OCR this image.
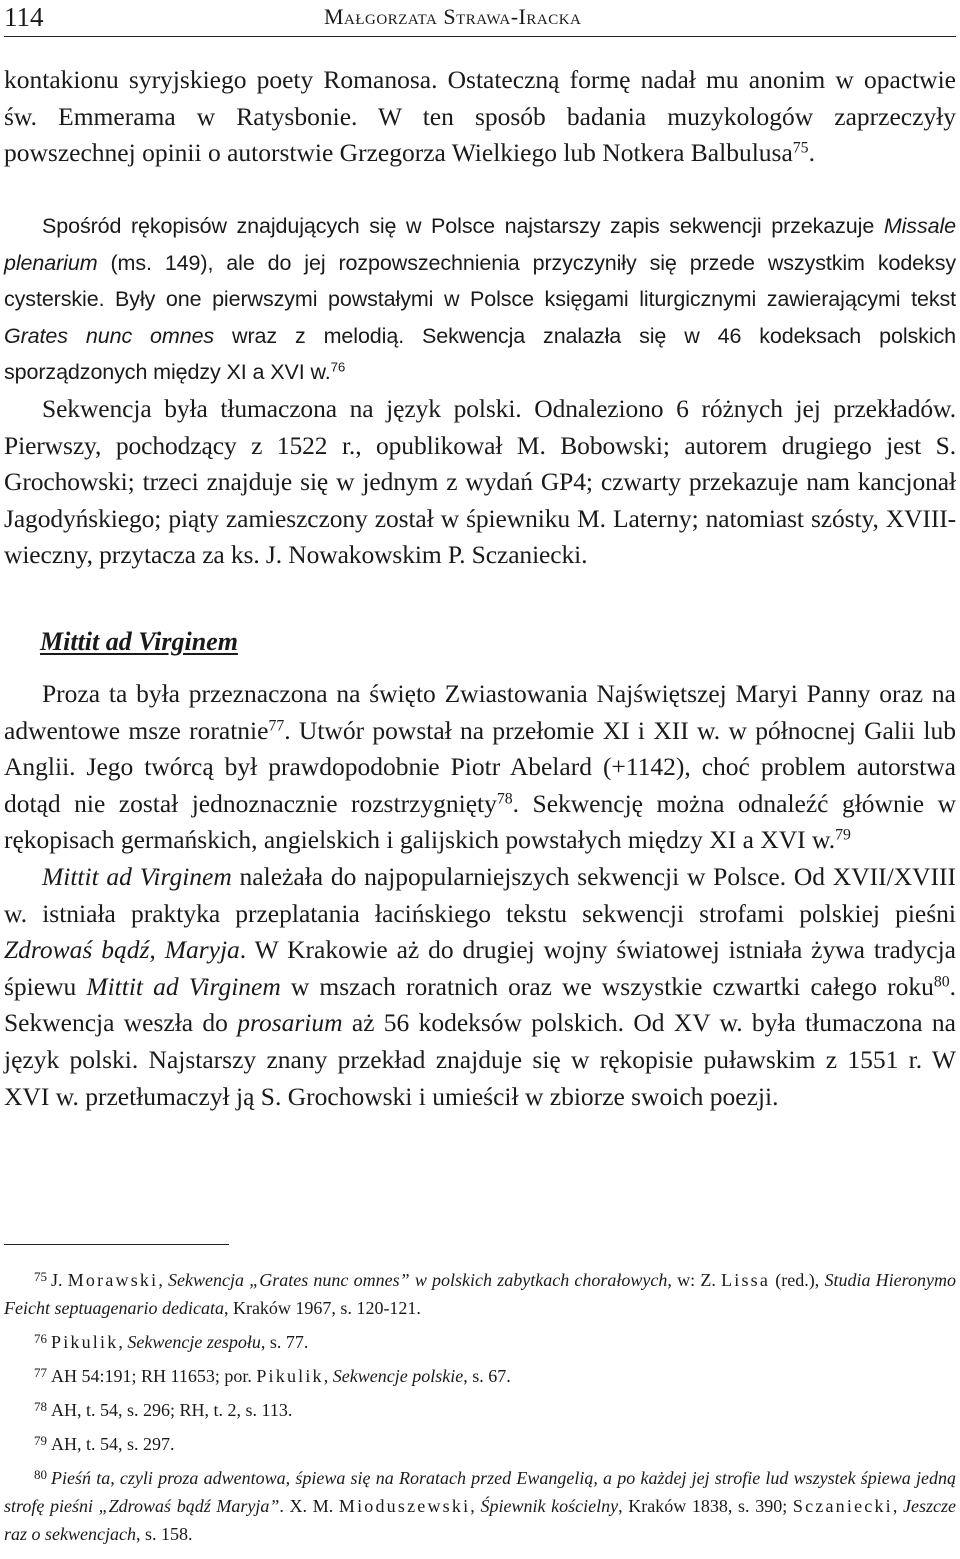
114	Małgorzata Strawa-Iracka

kontakionu syryjskiego poety Romanosa. Ostateczną formę nadał mu anonim w opactwie św. Emmerama w Ratysbonie. W ten sposób badania muzykologów zaprzeczyły powszechnej opinii o autorstwie Grzegorza Wielkiego lub Notkera Balbulusa$^{75}$.

Spośród rękopisów znajdujących się w Polsce najstarszy zapis sekwencji przekazuje Missale plenarium (ms. 149), ale do jej rozpowszechnienia przyczyniły się przede wszystkim kodeksy cysterskie. Były one pierwszymi powstałymi w Polsce księgami liturgicznymi zawierającymi tekst Grates nunc omnes wraz z melodią. Sekwencja znalazła się w 46 kodeksach polskich sporządzonych między XI a XVI w.$^{76}$

Sekwencja była tłumaczona na język polski. Odnaleziono 6 różnych jej przekładów. Pierwszy, pochodzący z 1522 r., opublikował M. Bobowski; autorem drugiego jest S. Grochowski; trzeci znajduje się w jednym z wydań GP4; czwarty przekazuje nam kancjonał Jagodyńskiego; piąty zamieszczony został w śpiewniku M. Laterny; natomiast szósty, XVIII-wieczny, przytacza za ks. J. Nowakowskim P. Sczaniecki.

Mittit ad Virginem

Proza ta była przeznaczona na święto Zwiastowania Najświętszej Maryi Panny oraz na adwentowe msze roratnie$^{77}$. Utwór powstał na przełomie XI i XII w. w północnej Galii lub Anglii. Jego twórcą był prawdopodobnie Piotr Abelard (+1142), choć problem autorstwa dotąd nie został jednoznacznie rozstrzygnięty$^{78}$. Sekwencję można odnaleźć głównie w rękopisach germańskich, angielskich i galijskich powstałych między XI a XVI w.$^{79}$

Mittit ad Virginem należała do najpopularniejszych sekwencji w Polsce. Od XVII/XVIII w. istniała praktyka przeplatania łacińskiego tekstu sekwencji strofami polskiej pieśni Zdrowaś bądź, Maryja. W Krakowie aż do drugiej wojny światowej istniała żywa tradycja śpiewu Mittit ad Virginem w mszach roratnich oraz we wszystkie czwartki całego roku$^{80}$. Sekwencja weszła do prosarium aż 56 kodeksów polskich. Od XV w. była tłumaczona na język polski. Najstarszy znany przekład znajduje się w rękopisie puławskim z 1551 r. W XVI w. przetłumaczył ją S. Grochowski i umieścił w zbiorze swoich poezji.

$^{75}$ J. Morawski, Sekwencja „Grates nunc omnes” w polskich zabytkach chorałowych, w: Z. Lissa (red.), Studia Hieronymo Feicht septuagenario dedicata, Kraków 1967, s. 120-121.

$^{76}$ Pikulik, Sekwencje zespołu, s. 77.

$^{77}$ AH 54:191; RH 11653; por. Pikulik, Sekwencje polskie, s. 67.

$^{78}$ AH, t. 54, s. 296; RH, t. 2, s. 113.

$^{79}$ AH, t. 54, s. 297.

$^{80}$ Pieśń ta, czyli proza adwentowa, śpiewa się na Roratach przed Ewangelią, a po każdej jej strofie lud wszystek śpiewa jedną strofę pieśni „Zdrowaś bądź Maryja”. X. M. Mioduszewski, Śpiewnik kościelny, Kraków 1838, s. 390; Sczaniecki, Jeszcze raz o sekwencjach, s. 158.
